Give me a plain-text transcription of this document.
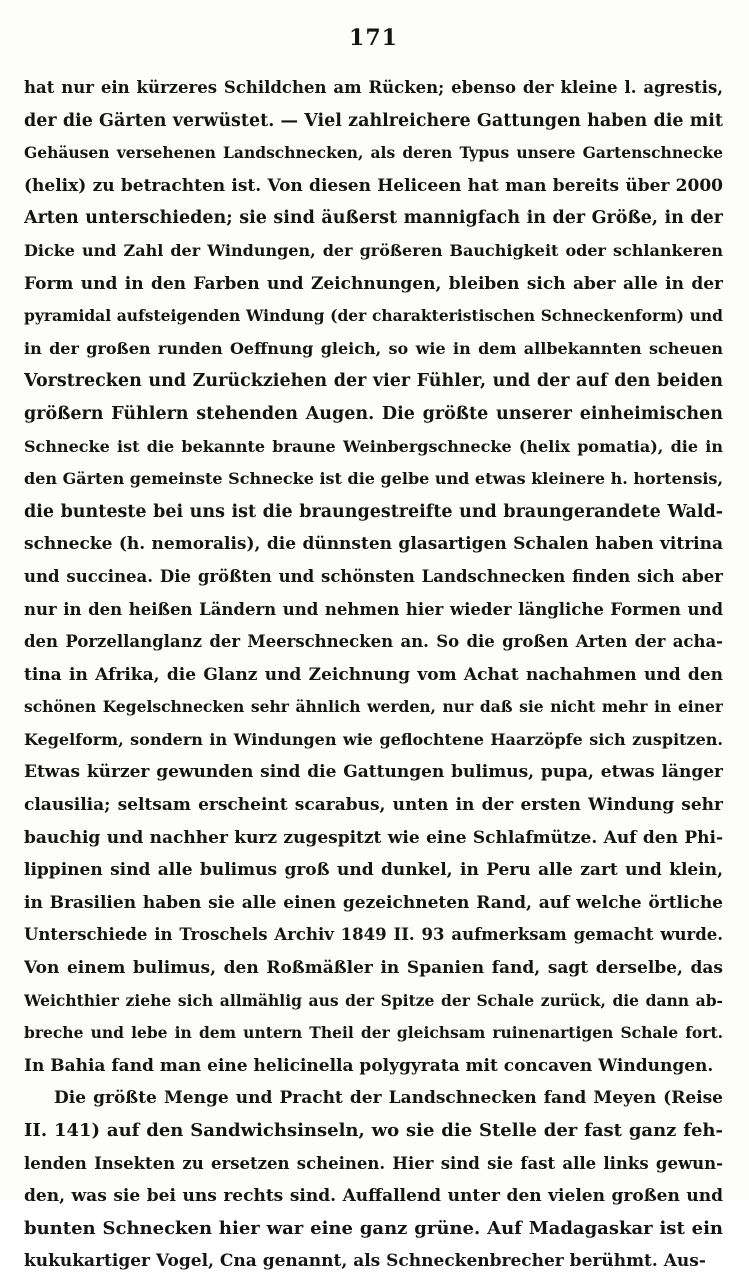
171
hat nur ein kürzeres Schildchen am Rücken; ebenso der kleine l. agrestis,
der die Gärten verwüstet. — Viel zahlreichere Gattungen haben die mit
Gehäusen versehenen Landschnecken, als deren Typus unsere Gartenschnecke
(helix) zu betrachten ist. Von diesen Heliceen hat man bereits über 2000
Arten unterschieden; sie sind äußerst mannigfach in der Größe, in der
Dicke und Zahl der Windungen, der größeren Bauchigkeit oder schlankeren
Form und in den Farben und Zeichnungen, bleiben sich aber alle in der
pyramidal aufsteigenden Windung (der charakteristischen Schneckenform) und
in der großen runden Oeffnung gleich, so wie in dem allbekannten scheuen
Vorstrecken und Zurückziehen der vier Fühler, und der auf den beiden
größern Fühlern stehenden Augen. Die größte unserer einheimischen
Schnecke ist die bekannte braune Weinbergschnecke (helix pomatia), die in
den Gärten gemeinste Schnecke ist die gelbe und etwas kleinere h. hortensis,
die bunteste bei uns ist die braungestreifte und braungerandete Wald-
schnecke (h. nemoralis), die dünnsten glasartigen Schalen haben vitrina
und succinea. Die größten und schönsten Landschnecken finden sich aber
nur in den heißen Ländern und nehmen hier wieder längliche Formen und
den Porzellanglanz der Meerschnecken an. So die großen Arten der acha-
tina in Afrika, die Glanz und Zeichnung vom Achat nachahmen und den
schönen Kegelschnecken sehr ähnlich werden, nur daß sie nicht mehr in einer
Kegelform, sondern in Windungen wie geflochtene Haarzöpfe sich zuspitzen.
Etwas kürzer gewunden sind die Gattungen bulimus, pupa, etwas länger
clausilia; seltsam erscheint scarabus, unten in der ersten Windung sehr
bauchig und nachher kurz zugespitzt wie eine Schlafmütze. Auf den Phi-
lippinen sind alle bulimus groß und dunkel, in Peru alle zart und klein,
in Brasilien haben sie alle einen gezeichneten Rand, auf welche örtliche
Unterschiede in Troschels Archiv 1849 II. 93 aufmerksam gemacht wurde.
Von einem bulimus, den Roßmäßler in Spanien fand, sagt derselbe, das
Weichthier ziehe sich allmählig aus der Spitze der Schale zurück, die dann ab-
breche und lebe in dem untern Theil der gleichsam ruinenartigen Schale fort.
In Bahia fand man eine helicinella polygyrata mit concaven Windungen.
Die größte Menge und Pracht der Landschnecken fand Meyen (Reise
II. 141) auf den Sandwichsinseln, wo sie die Stelle der fast ganz feh-
lenden Insekten zu ersetzen scheinen. Hier sind sie fast alle links gewun-
den, was sie bei uns rechts sind. Auffallend unter den vielen großen und
bunten Schnecken hier war eine ganz grüne. Auf Madagaskar ist ein
kukukartiger Vogel, Cna genannt, als Schneckenbrecher berühmt. Aus-
